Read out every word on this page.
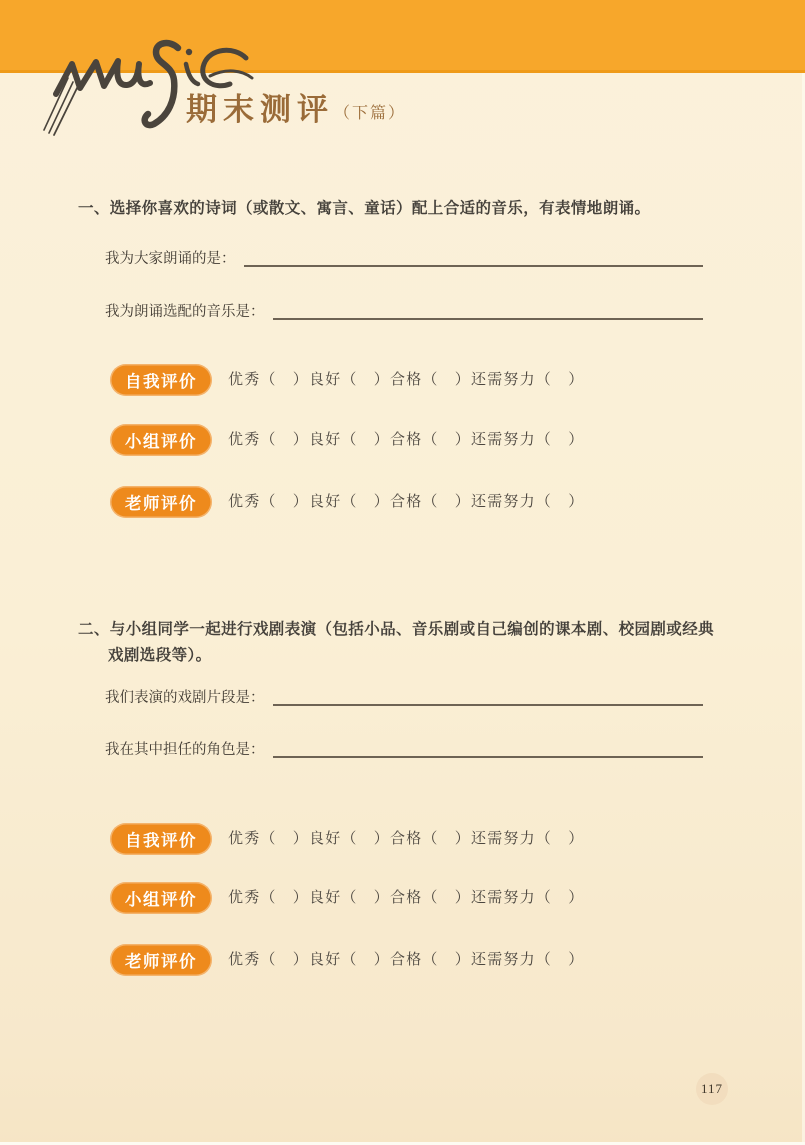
期末测评 （下篇）
一、选择你喜欢的诗词（或散文、寓言、童话）配上合适的音乐，有表情地朗诵。
我为大家朗诵的是：
我为朗诵选配的音乐是：
自我评价	优秀（　）良好（　）合格（　）还需努力（　）
小组评价	优秀（　）良好（　）合格（　）还需努力（　）
老师评价	优秀（　）良好（　）合格（　）还需努力（　）
二、与小组同学一起进行戏剧表演（包括小品、音乐剧或自己编创的课本剧、校园剧或经典
戏剧选段等）。
我们表演的戏剧片段是：
我在其中担任的角色是：
自我评价	优秀（　）良好（　）合格（　）还需努力（　）
小组评价	优秀（　）良好（　）合格（　）还需努力（　）
老师评价	优秀（　）良好（　）合格（　）还需努力（　）
117
